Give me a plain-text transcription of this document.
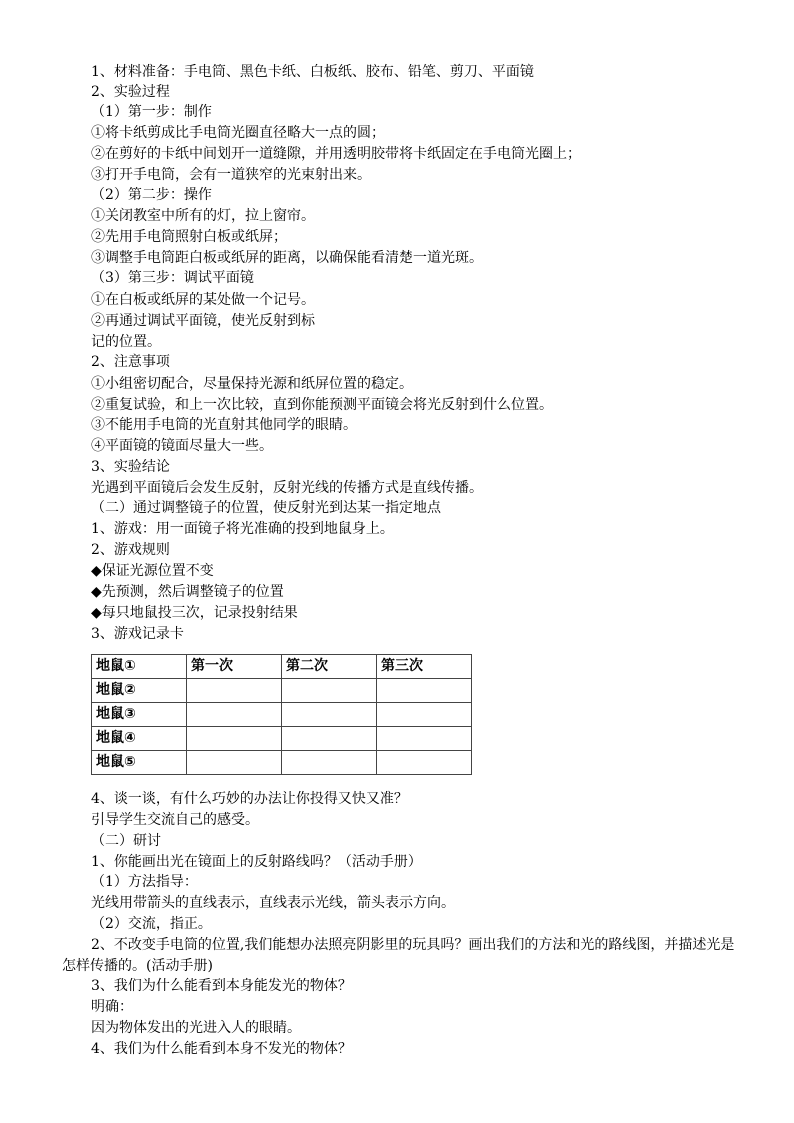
1、材料准备：手电筒、黑色卡纸、白板纸、胶布、铅笔、剪刀、平面镜
2、实验过程
（1）第一步：制作
①将卡纸剪成比手电筒光圈直径略大一点的圆；
②在剪好的卡纸中间划开一道缝隙，并用透明胶带将卡纸固定在手电筒光圈上；
③打开手电筒，会有一道狭窄的光束射出来。
（2）第二步：操作
①关闭教室中所有的灯，拉上窗帘。
②先用手电筒照射白板或纸屏；
③调整手电筒距白板或纸屏的距离，以确保能看清楚一道光斑。
（3）第三步：调试平面镜
①在白板或纸屏的某处做一个记号。
②再通过调试平面镜，使光反射到标
记的位置。
2、注意事项
①小组密切配合，尽量保持光源和纸屏位置的稳定。
②重复试验，和上一次比较，直到你能预测平面镜会将光反射到什么位置。
③不能用手电筒的光直射其他同学的眼睛。
④平面镜的镜面尽量大一些。
3、实验结论
光遇到平面镜后会发生反射，反射光线的传播方式是直线传播。
（二）通过调整镜子的位置，使反射光到达某一指定地点
1、游戏：用一面镜子将光准确的投到地鼠身上。
2、游戏规则
◆保证光源位置不变
◆先预测，然后调整镜子的位置
◆每只地鼠投三次，记录投射结果
3、游戏记录卡
地鼠①	第一次	第二次	第三次
地鼠②			
地鼠③			
地鼠④			
地鼠⑤			
4、谈一谈，有什么巧妙的办法让你投得又快又准？
引导学生交流自己的感受。
（二）研讨
1、你能画出光在镜面上的反射路线吗？（活动手册）
（1）方法指导：
光线用带箭头的直线表示，直线表示光线，箭头表示方向。
（2）交流，指正。
2、不改变手电筒的位置,我们能想办法照亮阴影里的玩具吗？画出我们的方法和光的路线图，并描述光是怎样传播的。(活动手册)
3、我们为什么能看到本身能发光的物体？
明确：
因为物体发出的光进入人的眼睛。
4、我们为什么能看到本身不发光的物体？
